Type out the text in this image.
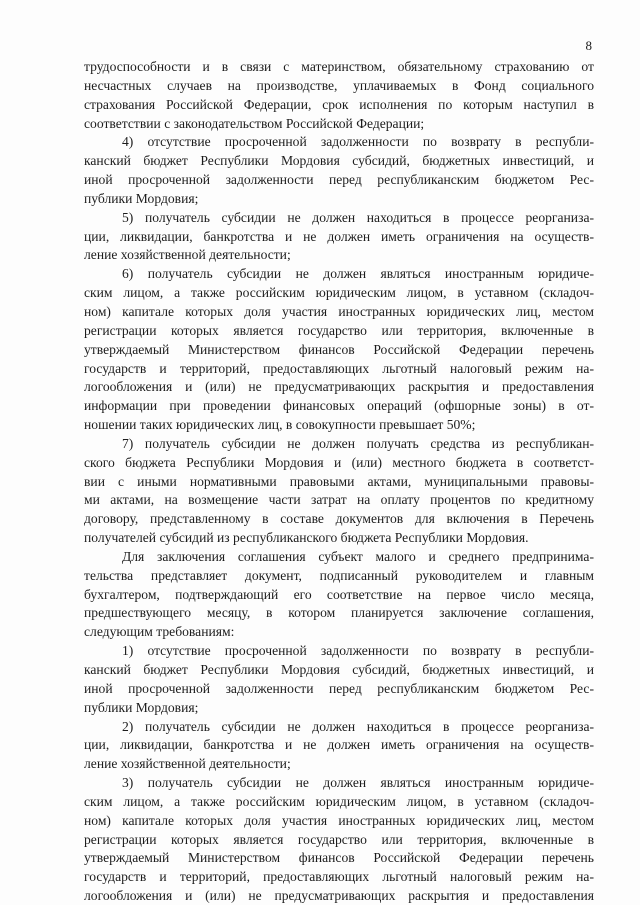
8
трудоспособности и в связи с материнством, обязательному страхованию от
несчастных случаев на производстве, уплачиваемых в Фонд социального
страхования Российской Федерации, срок исполнения по которым наступил в
соответствии с законодательством Российской Федерации;
4) отсутствие просроченной задолженности по возврату в республи-
канский бюджет Республики Мордовия субсидий, бюджетных инвестиций, и
иной просроченной задолженности перед республиканским бюджетом Рес-
публики Мордовия;
5) получатель субсидии не должен находиться в процессе реорганиза-
ции, ликвидации, банкротства и не должен иметь ограничения на осуществ-
ление хозяйственной деятельности;
6) получатель субсидии не должен являться иностранным юридиче-
ским лицом, а также российским юридическим лицом, в уставном (складоч-
ном) капитале которых доля участия иностранных юридических лиц, местом
регистрации которых является государство или территория, включенные в
утверждаемый Министерством финансов Российской Федерации перечень
государств и территорий, предоставляющих льготный налоговый режим на-
логообложения и (или) не предусматривающих раскрытия и предоставления
информации при проведении финансовых операций (офшорные зоны) в от-
ношении таких юридических лиц, в совокупности превышает 50%;
7) получатель субсидии не должен получать средства из республикан-
ского бюджета Республики Мордовия и (или) местного бюджета в соответст-
вии с иными нормативными правовыми актами, муниципальными правовы-
ми актами, на возмещение части затрат на оплату процентов по кредитному
договору, представленному в составе документов для включения в Перечень
получателей субсидий из республиканского бюджета Республики Мордовия.
Для заключения соглашения субъект малого и среднего предпринима-
тельства представляет документ, подписанный руководителем и главным
бухгалтером, подтверждающий его соответствие на первое число месяца,
предшествующего месяцу, в котором планируется заключение соглашения,
следующим требованиям:
1) отсутствие просроченной задолженности по возврату в республи-
канский бюджет Республики Мордовия субсидий, бюджетных инвестиций, и
иной просроченной задолженности перед республиканским бюджетом Рес-
публики Мордовия;
2) получатель субсидии не должен находиться в процессе реорганиза-
ции, ликвидации, банкротства и не должен иметь ограничения на осуществ-
ление хозяйственной деятельности;
3) получатель субсидии не должен являться иностранным юридиче-
ским лицом, а также российским юридическим лицом, в уставном (складоч-
ном) капитале которых доля участия иностранных юридических лиц, местом
регистрации которых является государство или территория, включенные в
утверждаемый Министерством финансов Российской Федерации перечень
государств и территорий, предоставляющих льготный налоговый режим на-
логообложения и (или) не предусматривающих раскрытия и предоставления
